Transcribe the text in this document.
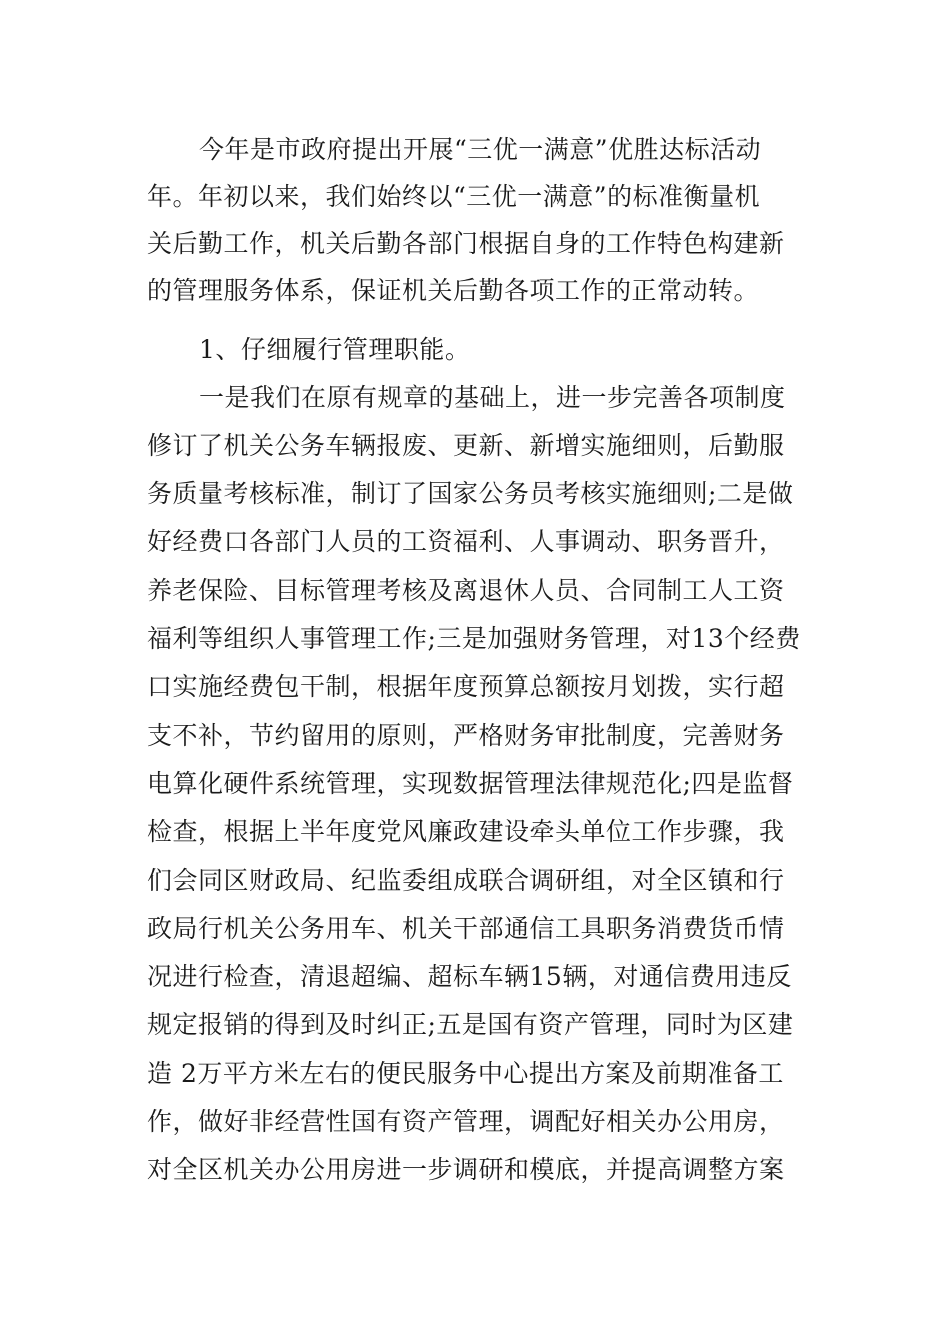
今年是市政府提出开展“三优一满意”优胜达标活动
年。年初以来，我们始终以“三优一满意”的标准衡量机
关后勤工作，机关后勤各部门根据自身的工作特色构建新
的管理服务体系，保证机关后勤各项工作的正常动转。
1、仔细履行管理职能。
一是我们在原有规章的基础上，进一步完善各项制度
修订了机关公务车辆报废、更新、新增实施细则，后勤服
务质量考核标准，制订了国家公务员考核实施细则;二是做
好经费口各部门人员的工资福利、人事调动、职务晋升，
养老保险、目标管理考核及离退休人员、合同制工人工资
福利等组织人事管理工作;三是加强财务管理，对13个经费
口实施经费包干制，根据年度预算总额按月划拨，实行超
支不补，节约留用的原则，严格财务审批制度，完善财务
电算化硬件系统管理，实现数据管理法律规范化;四是监督
检查，根据上半年度党风廉政建设牵头单位工作步骤，我
们会同区财政局、纪监委组成联合调研组，对全区镇和行
政局行机关公务用车、机关干部通信工具职务消费货币情
况进行检查，清退超编、超标车辆15辆，对通信费用违反
规定报销的得到及时纠正;五是国有资产管理，同时为区建
造 2万平方米左右的便民服务中心提出方案及前期准备工
作，做好非经营性国有资产管理，调配好相关办公用房，
对全区机关办公用房进一步调研和模底，并提高调整方案
